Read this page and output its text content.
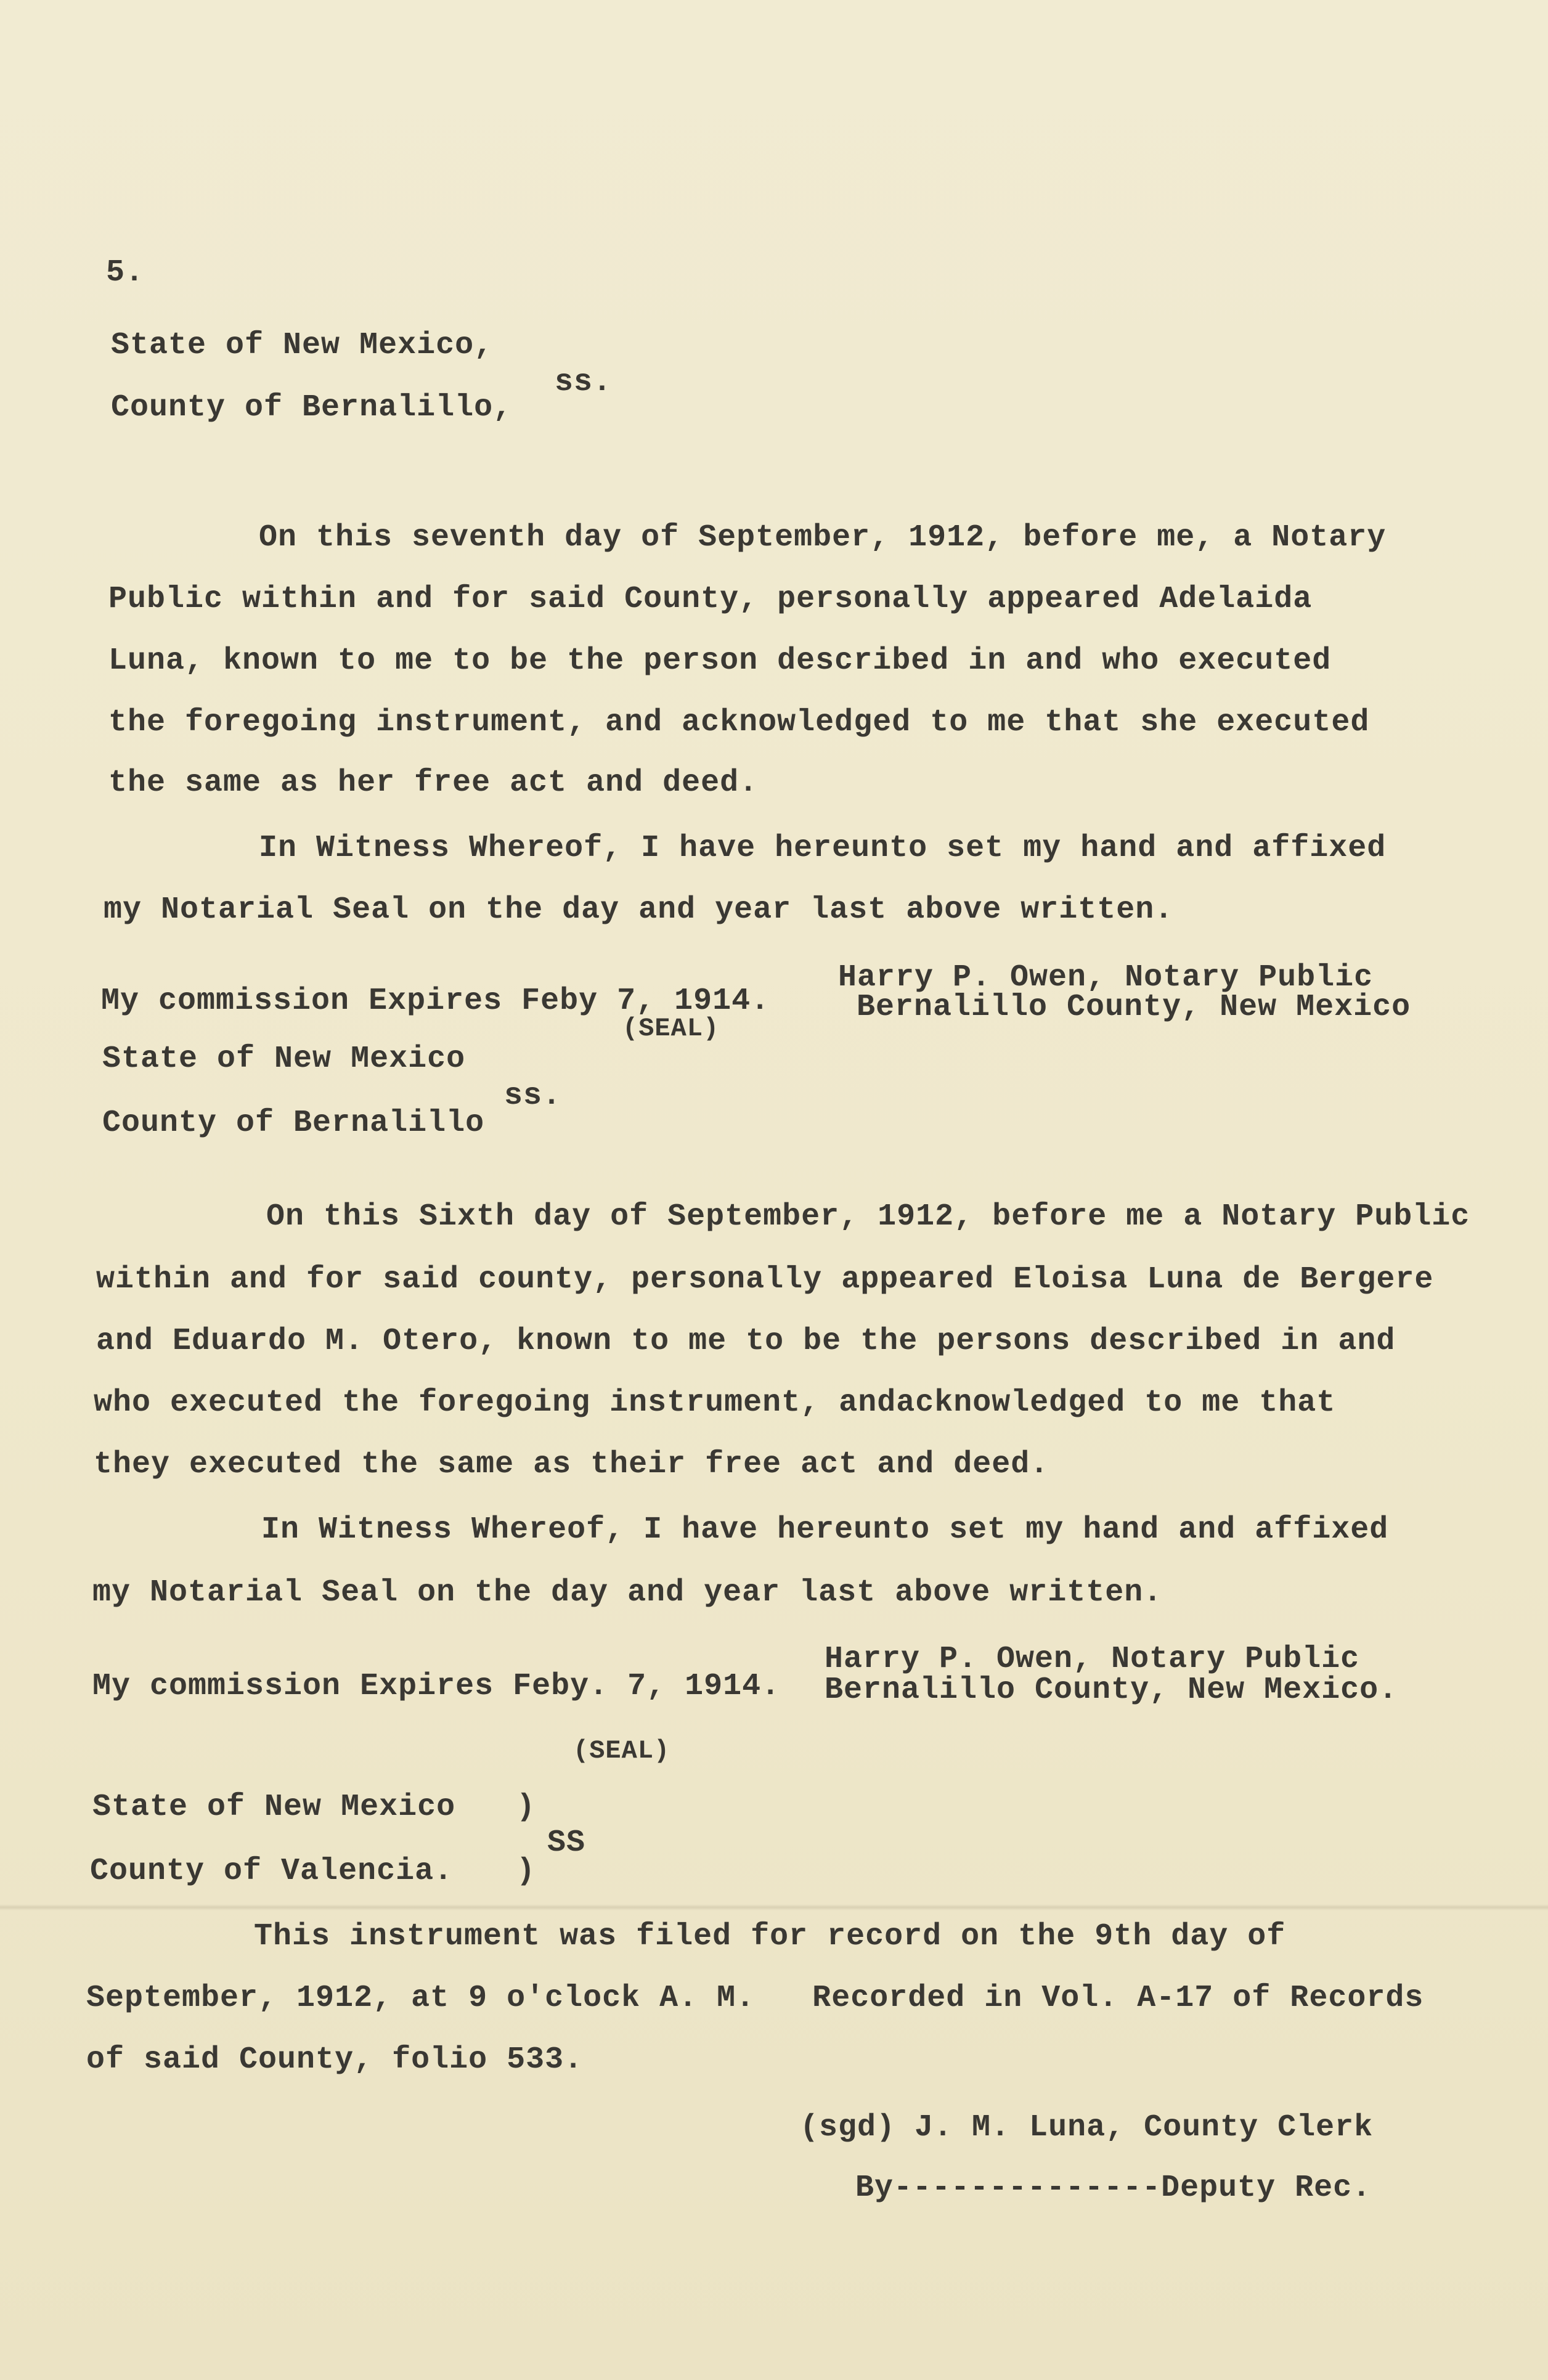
5.
State of New Mexico,
ss.
County of Bernalillo,
On this seventh day of September, 1912, before me, a Notary
Public within and for said County, personally appeared Adelaida
Luna, known to me to be the person described in and who executed
the foregoing instrument, and acknowledged to me that she executed
the same as her free act and deed.
In Witness Whereof, I have hereunto set my hand and affixed
my Notarial Seal on the day and year last above written.
Harry P. Owen, Notary Public
Bernalillo County, New Mexico
My commission Expires Feby 7, 1914.
(SEAL)
State of New Mexico
ss.
County of Bernalillo
On this Sixth day of September, 1912, before me a Notary Public
within and for said county, personally appeared Eloisa Luna de Bergere
and Eduardo M. Otero, known to me to be the persons described in and
who executed the foregoing instrument, andacknowledged to me that
they executed the same as their free act and deed.
In Witness Whereof, I have hereunto set my hand and affixed
my Notarial Seal on the day and year last above written.
Harry P. Owen, Notary Public
Bernalillo County, New Mexico.
My commission Expires Feby. 7, 1914.
(SEAL)
State of New Mexico )
SS
County of Valencia. )
This instrument was filed for record on the 9th day of
September, 1912, at 9 o'clock A. M.   Recorded in Vol. A-17 of Records
of said County, folio 533.
(sgd) J. M. Luna, County Clerk
By--------------Deputy Rec.
